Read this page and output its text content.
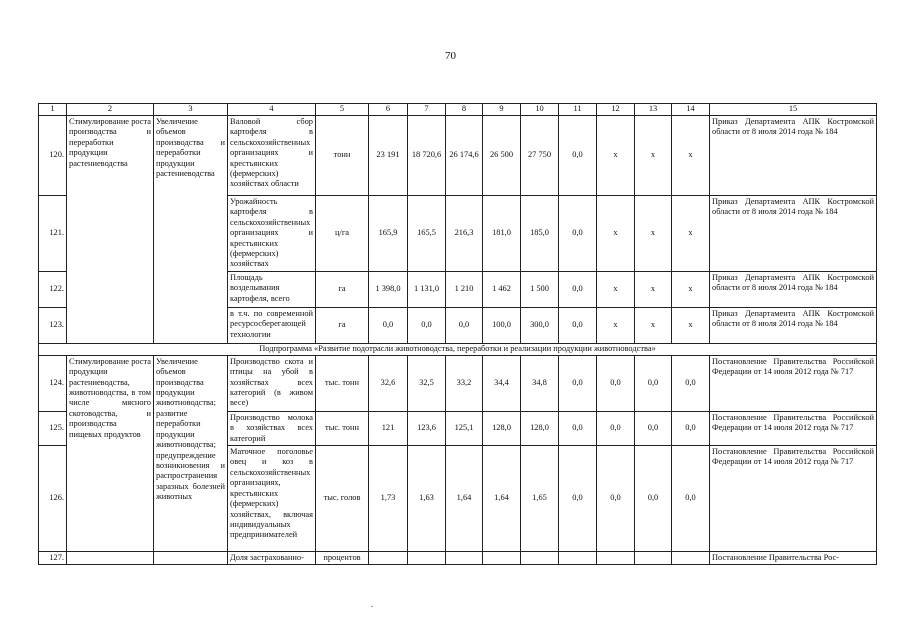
70
1	2	3	4	5	6	7	8	9	10	11	12	13	14	15
120.	Стимулирование роста производства и переработки продукции растениеводства	Увеличение объемов производства и переработки продукции растениеводства	Валовой сбор картофеля в сельскохозяйственных организациях и крестьянских (фермерских) хозяйствах области	тонн	23 191	18 720,6	26 174,6	26 500	27 750	0,0	х	х	х	Приказ Департамента АПК Костромской области от 8 июля 2014 года № 184
121.			Урожайность картофеля в сельскохозяйственных организациях и крестьянских (фермерских) хозяйствах	ц/га	165,9	165,5	216,3	181,0	185,0	0,0	х	х	х	Приказ Департамента АПК Костромской области от 8 июля 2014 года № 184
122.			Площадь возделывания картофеля, всего	га	1 398,0	1 131,0	1 210	1 462	1 500	0,0	х	х	х	Приказ Департамента АПК Костромской области от 8 июля 2014 года № 184
123.			в т.ч. по современной ресурсосберегающей технологии	га	0,0	0,0	0,0	100,0	300,0	0,0	х	х	х	Приказ Департамента АПК Костромской области от 8 июля 2014 года № 184
Подпрограмма «Развитие подотрасли животноводства, переработки и реализации продукции животноводства»														
124.	Стимулирование роста продукции растениеводства, животноводства, в том числе мясного скотоводства, и производства пищевых продуктов	Увеличение объемов производства продукции животноводства; развитие переработки продукции животноводства; предупреждение возникновения и распространения заразных болезней животных	Производство скота и птицы на убой в хозяйствах всех категорий (в живом весе)	тыс. тонн	32,6	32,5	33,2	34,4	34,8	0,0	0,0	0,0	0,0	Постановление Правительства Российской Федерации от 14 июля 2012 года № 717
125.			Производство молока в хозяйствах всех категорий	тыс. тонн	121	123,6	125,1	128,0	128,0	0,0	0,0	0,0	0,0	Постановление Правительства Российской Федерации от 14 июля 2012 года № 717
126.			Маточное поголовье овец и коз в сельскохозяйственных организациях, крестьянских (фермерских) хозяйствах, включая индивидуальных предпринимателей	тыс. голов	1,73	1,63	1,64	1,64	1,65	0,0	0,0	0,0	0,0	Постановление Правительства Российской Федерации от 14 июля 2012 года № 717
127.			Доля застрахованно-	процентов										Постановление Правительства Рос-
